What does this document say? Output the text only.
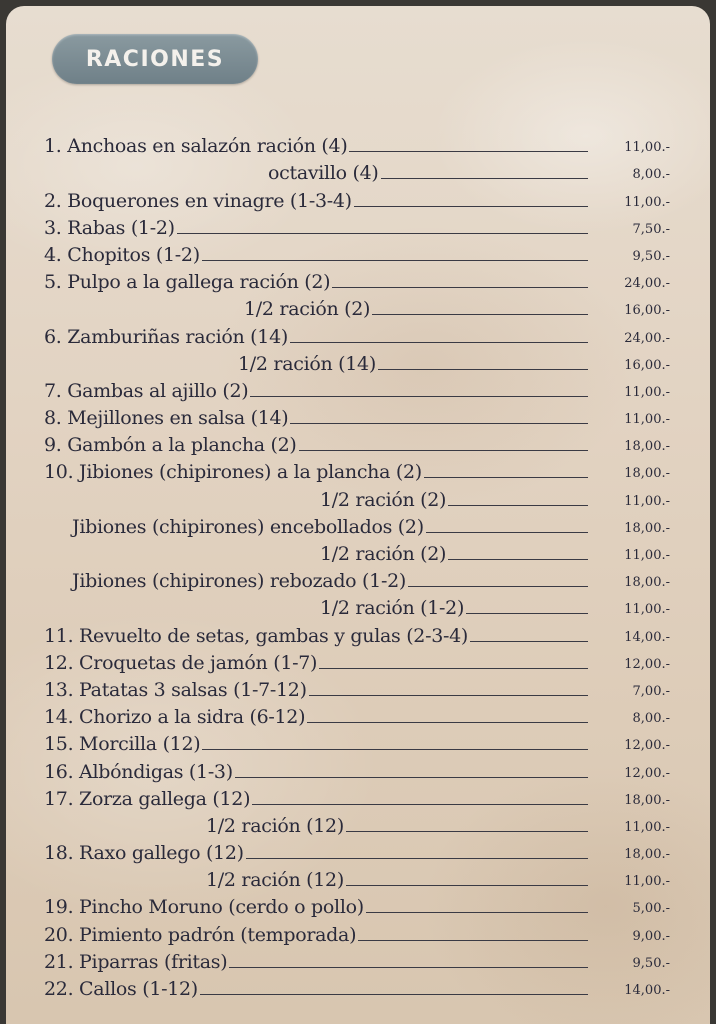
RACIONES
1. Anchoas en salazón ración (4)	11,00.-
octavillo (4)	8,00.-
2. Boquerones en vinagre (1-3-4)	11,00.-
3. Rabas (1-2)	7,50.-
4. Chopitos (1-2)	9,50.-
5. Pulpo a la gallega ración (2)	24,00.-
1/2 ración (2)	16,00.-
6. Zamburiñas ración (14)	24,00.-
1/2 ración (14)	16,00.-
7. Gambas al ajillo (2)	11,00.-
8. Mejillones en salsa (14)	11,00.-
9. Gambón a la plancha (2)	18,00.-
10. Jibiones (chipirones) a la plancha (2)	18,00.-
1/2 ración (2)	11,00.-
Jibiones (chipirones) encebollados (2)	18,00.-
1/2 ración (2)	11,00.-
Jibiones (chipirones) rebozado (1-2)	18,00.-
1/2 ración (1-2)	11,00.-
11. Revuelto de setas, gambas y gulas (2-3-4)	14,00.-
12. Croquetas de jamón (1-7)	12,00.-
13. Patatas 3 salsas (1-7-12)	7,00.-
14. Chorizo a la sidra (6-12)	8,00.-
15. Morcilla (12)	12,00.-
16. Albóndigas (1-3)	12,00.-
17. Zorza gallega (12)	18,00.-
1/2 ración (12)	11,00.-
18. Raxo gallego (12)	18,00.-
1/2 ración (12)	11,00.-
19. Pincho Moruno (cerdo o pollo)	5,00.-
20. Pimiento padrón (temporada)	9,00.-
21. Piparras (fritas)	9,50.-
22. Callos (1-12)	14,00.-
